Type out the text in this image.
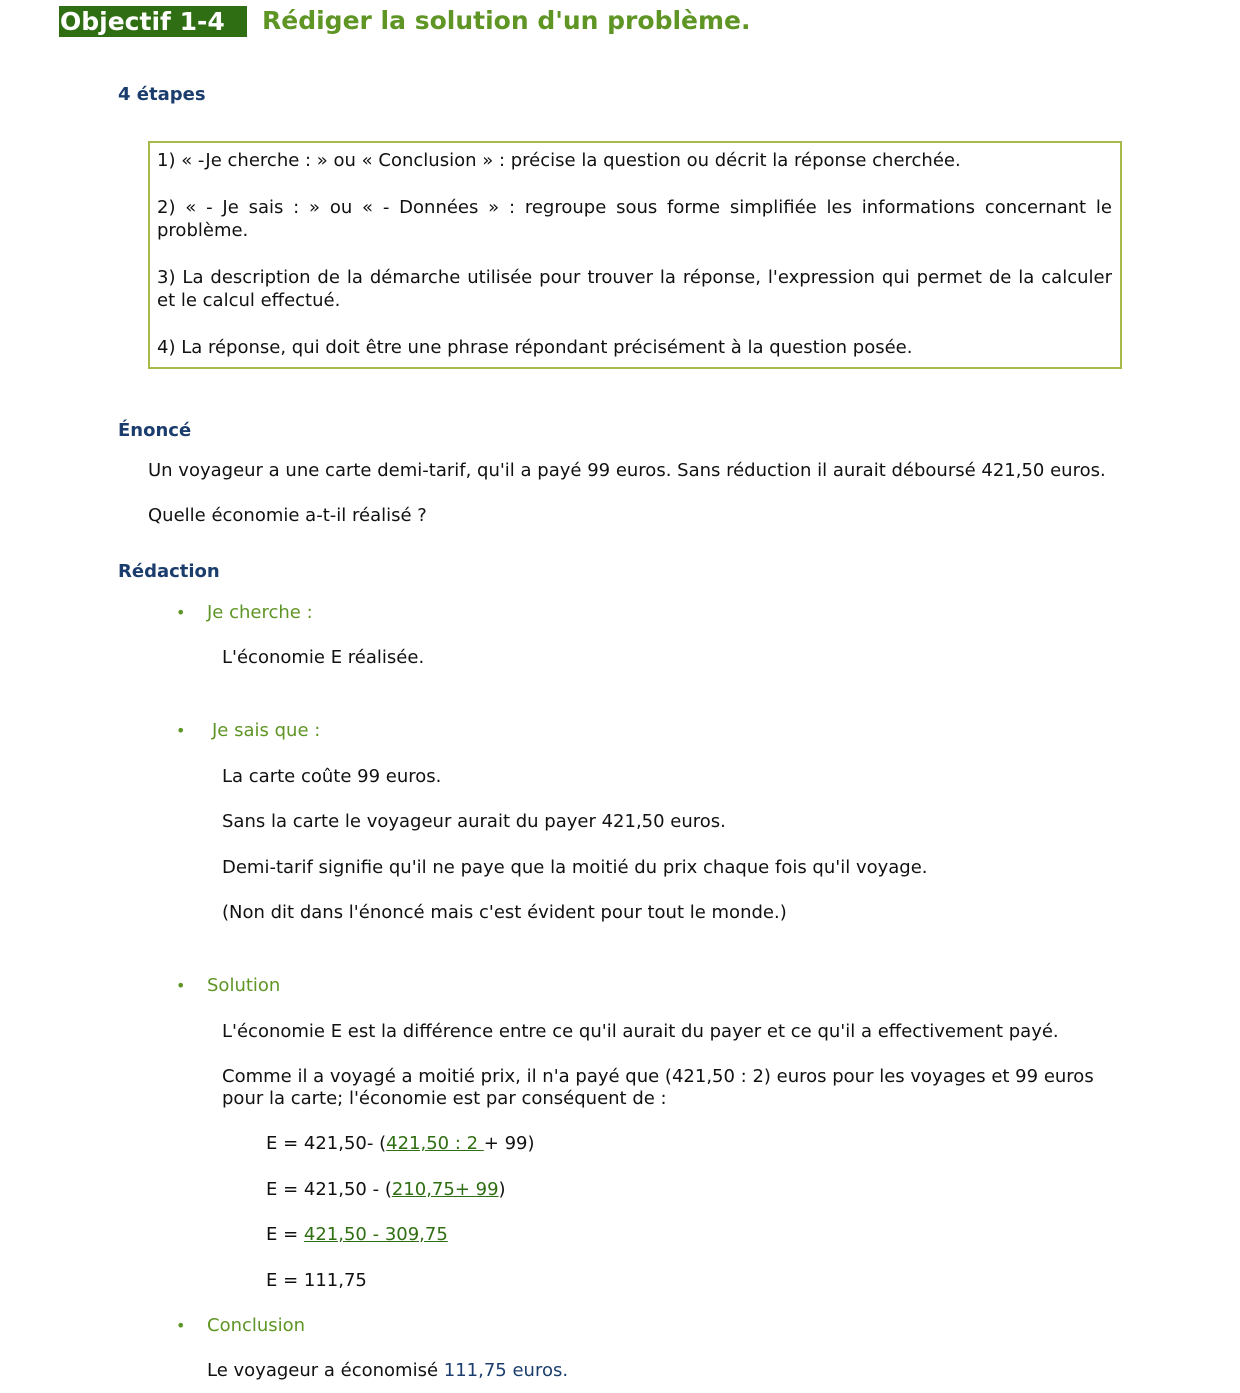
Objectif 1-4	Rédiger la solution d'un problème.
4 étapes
1) « -Je cherche : » ou « Conclusion » : précise la question ou décrit la réponse cherchée.
2) « - Je sais : » ou « - Données » : regroupe sous forme simplifiée les informations concernant le problème.
3) La description de la démarche utilisée pour trouver la réponse, l'expression qui permet de la calculer et le calcul effectué.
4) La réponse, qui doit être une phrase répondant précisément à la question posée.
Énoncé
Un voyageur a une carte demi-tarif, qu'il a payé 99 euros. Sans réduction il aurait déboursé 421,50 euros.
Quelle économie a-t-il réalisé ?
Rédaction
• Je cherche :
L'économie E réalisée.
• Je sais que :
La carte coûte 99 euros.
Sans la carte le voyageur aurait du payer 421,50 euros.
Demi-tarif signifie qu'il ne paye que la moitié du prix chaque fois qu'il voyage.
(Non dit dans l'énoncé mais c'est évident pour tout le monde.)
• Solution
L'économie E est la différence entre ce qu'il aurait du payer et ce qu'il a effectivement payé.
Comme il a voyagé a moitié prix, il n'a payé que (421,50 : 2) euros pour les voyages et 99 euros
pour la carte; l'économie est par conséquent de :
E = 421,50- (421,50 : 2 + 99)
E = 421,50 - (210,75+ 99)
E = 421,50 - 309,75
E = 111,75
• Conclusion
Le voyageur a économisé 111,75 euros.
